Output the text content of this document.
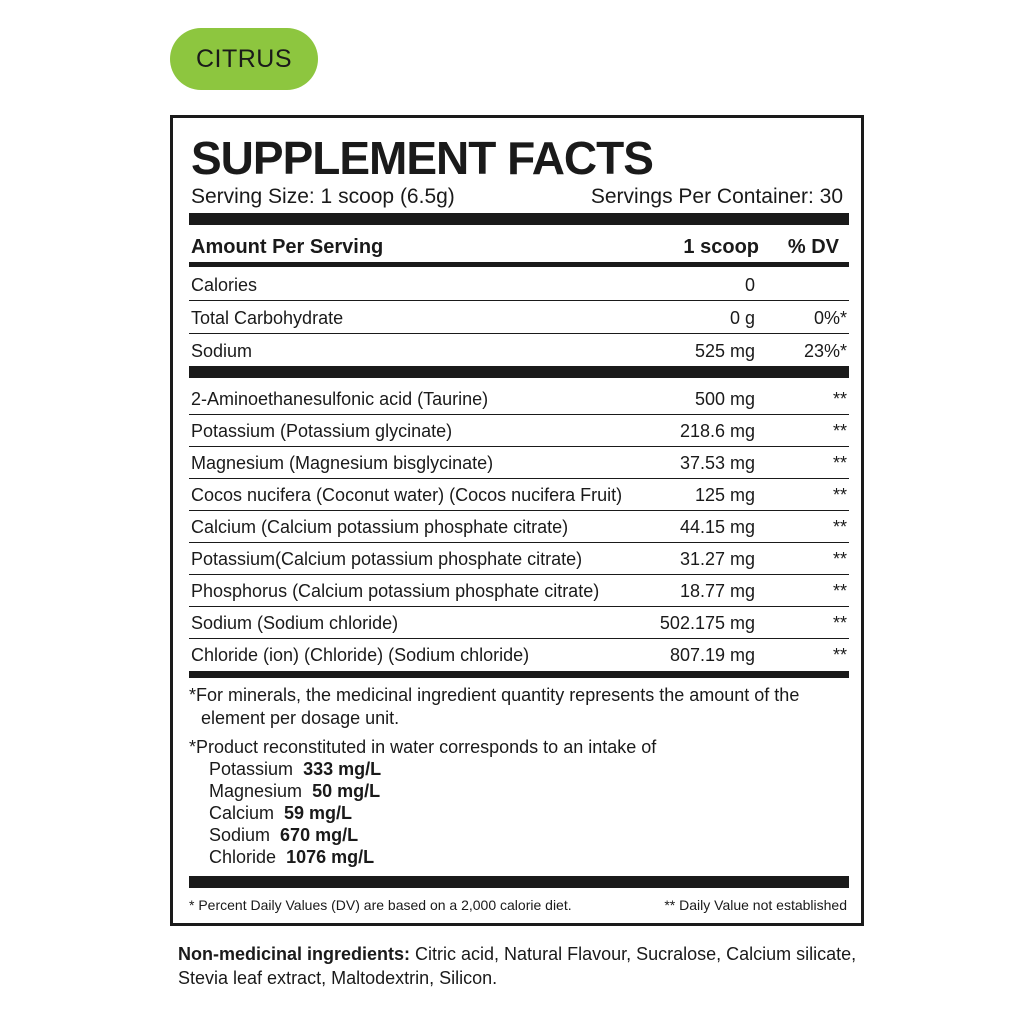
CITRUS
SUPPLEMENT FACTS
Serving Size: 1 scoop (6.5g)	Servings Per Container: 30
Amount Per Serving	1 scoop % DV
Calories	0
Total Carbohydrate	0 g	0%*
Sodium	525 mg	23%*
2-Aminoethanesulfonic acid (Taurine)	500 mg	**
Potassium (Potassium glycinate)	218.6 mg	**
Magnesium (Magnesium bisglycinate)	37.53 mg	**
Cocos nucifera (Coconut water) (Cocos nucifera Fruit)	125 mg	**
Calcium (Calcium potassium phosphate citrate)	44.15 mg	**
Potassium(Calcium potassium phosphate citrate)	31.27 mg	**
Phosphorus (Calcium potassium phosphate citrate)	18.77 mg	**
Sodium (Sodium chloride)	502.175 mg	**
Chloride (ion) (Chloride) (Sodium chloride)	807.19 mg	**
*For minerals, the medicinal ingredient quantity represents the amount of the
element per dosage unit.
*Product reconstituted in water corresponds to an intake of
Potassium 333 mg/L
Magnesium 50 mg/L
Calcium 59 mg/L
Sodium 670 mg/L
Chloride 1076 mg/L
* Percent Daily Values (DV) are based on a 2,000 calorie diet.	** Daily Value not established
Non-medicinal ingredients: Citric acid, Natural Flavour, Sucralose, Calcium silicate,
Stevia leaf extract, Maltodextrin, Silicon.
